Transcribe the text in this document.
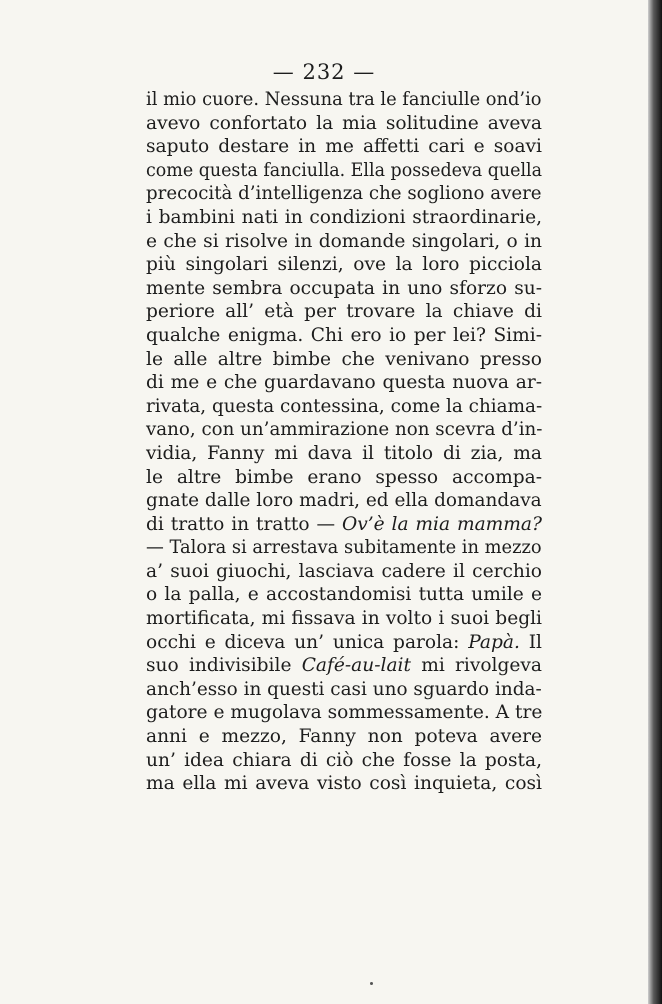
— 232 —
il mio cuore. Nessuna tra le fanciulle ond’io
avevo confortato la mia solitudine aveva
saputo destare in me affetti cari e soavi
come questa fanciulla. Ella possedeva quella
precocità d’intelligenza che sogliono avere
i bambini nati in condizioni straordinarie,
e che si risolve in domande singolari, o in
più singolari silenzi, ove la loro picciola
mente sembra occupata in uno sforzo su-
periore all’ età per trovare la chiave di
qualche enigma. Chi ero io per lei? Simi-
le alle altre bimbe che venivano presso
di me e che guardavano questa nuova ar-
rivata, questa contessina, come la chiama-
vano, con un’ammirazione non scevra d’in-
vidia, Fanny mi dava il titolo di zia, ma
le altre bimbe erano spesso accompa-
gnate dalle loro madri, ed ella domandava
di tratto in tratto — Ov’è la mia mamma?
— Talora si arrestava subitamente in mezzo
a’ suoi giuochi, lasciava cadere il cerchio
o la palla, e accostandomisi tutta umile e
mortificata, mi fissava in volto i suoi begli
occhi e diceva un’ unica parola: Papà. Il
suo indivisibile Café-au-lait mi rivolgeva
anch’esso in questi casi uno sguardo inda-
gatore e mugolava sommessamente. A tre
anni e mezzo, Fanny non poteva avere
un’ idea chiara di ciò che fosse la posta,
ma ella mi aveva visto così inquieta, così
